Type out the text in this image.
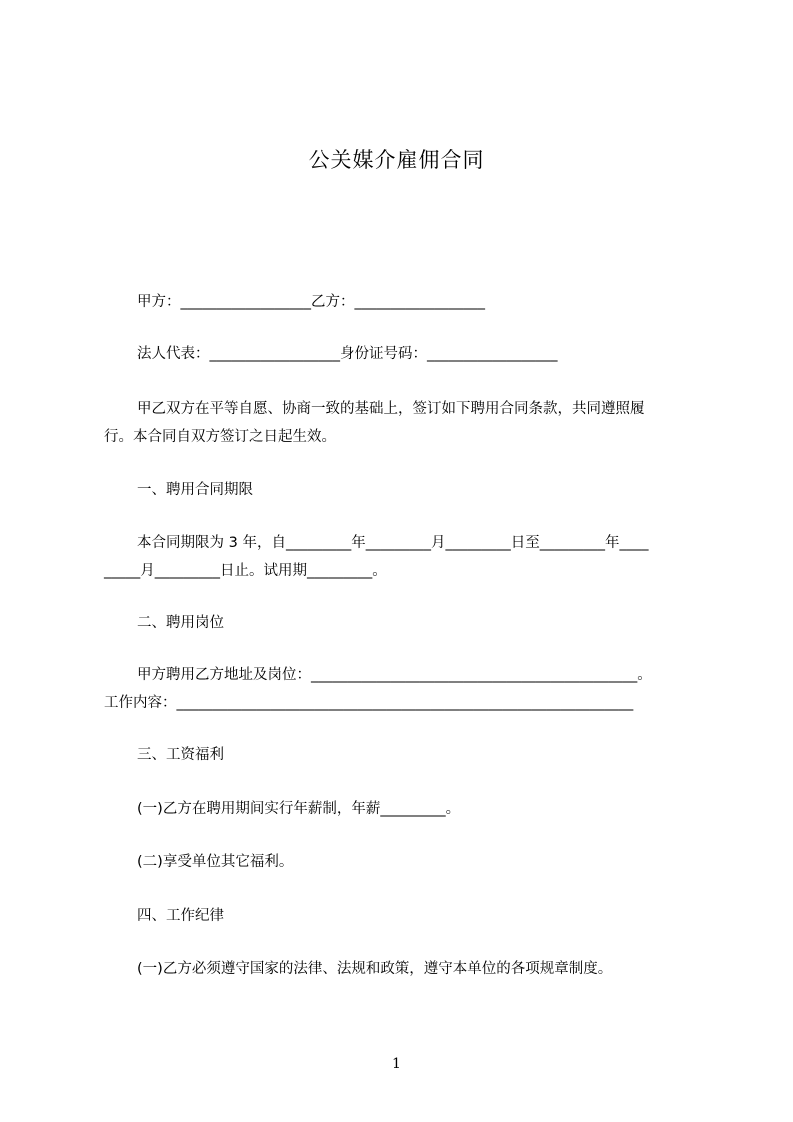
公关媒介雇佣合同
甲方：__________________乙方：__________________
法人代表：__________________身份证号码：__________________
甲乙双方在平等自愿、协商一致的基础上，签订如下聘用合同条款，共同遵照履
行。本合同自双方签订之日起生效。
一、聘用合同期限
本合同期限为 3 年，自_________年_________月_________日至_________年____
_____月_________日止。试用期_________。
二、聘用岗位
甲方聘用乙方地址及岗位：_____________________________________________。
工作内容：_______________________________________________________________
三、工资福利
(一)乙方在聘用期间实行年薪制，年薪_________。
(二)享受单位其它福利。
四、工作纪律
(一)乙方必须遵守国家的法律、法规和政策，遵守本单位的各项规章制度。
1
